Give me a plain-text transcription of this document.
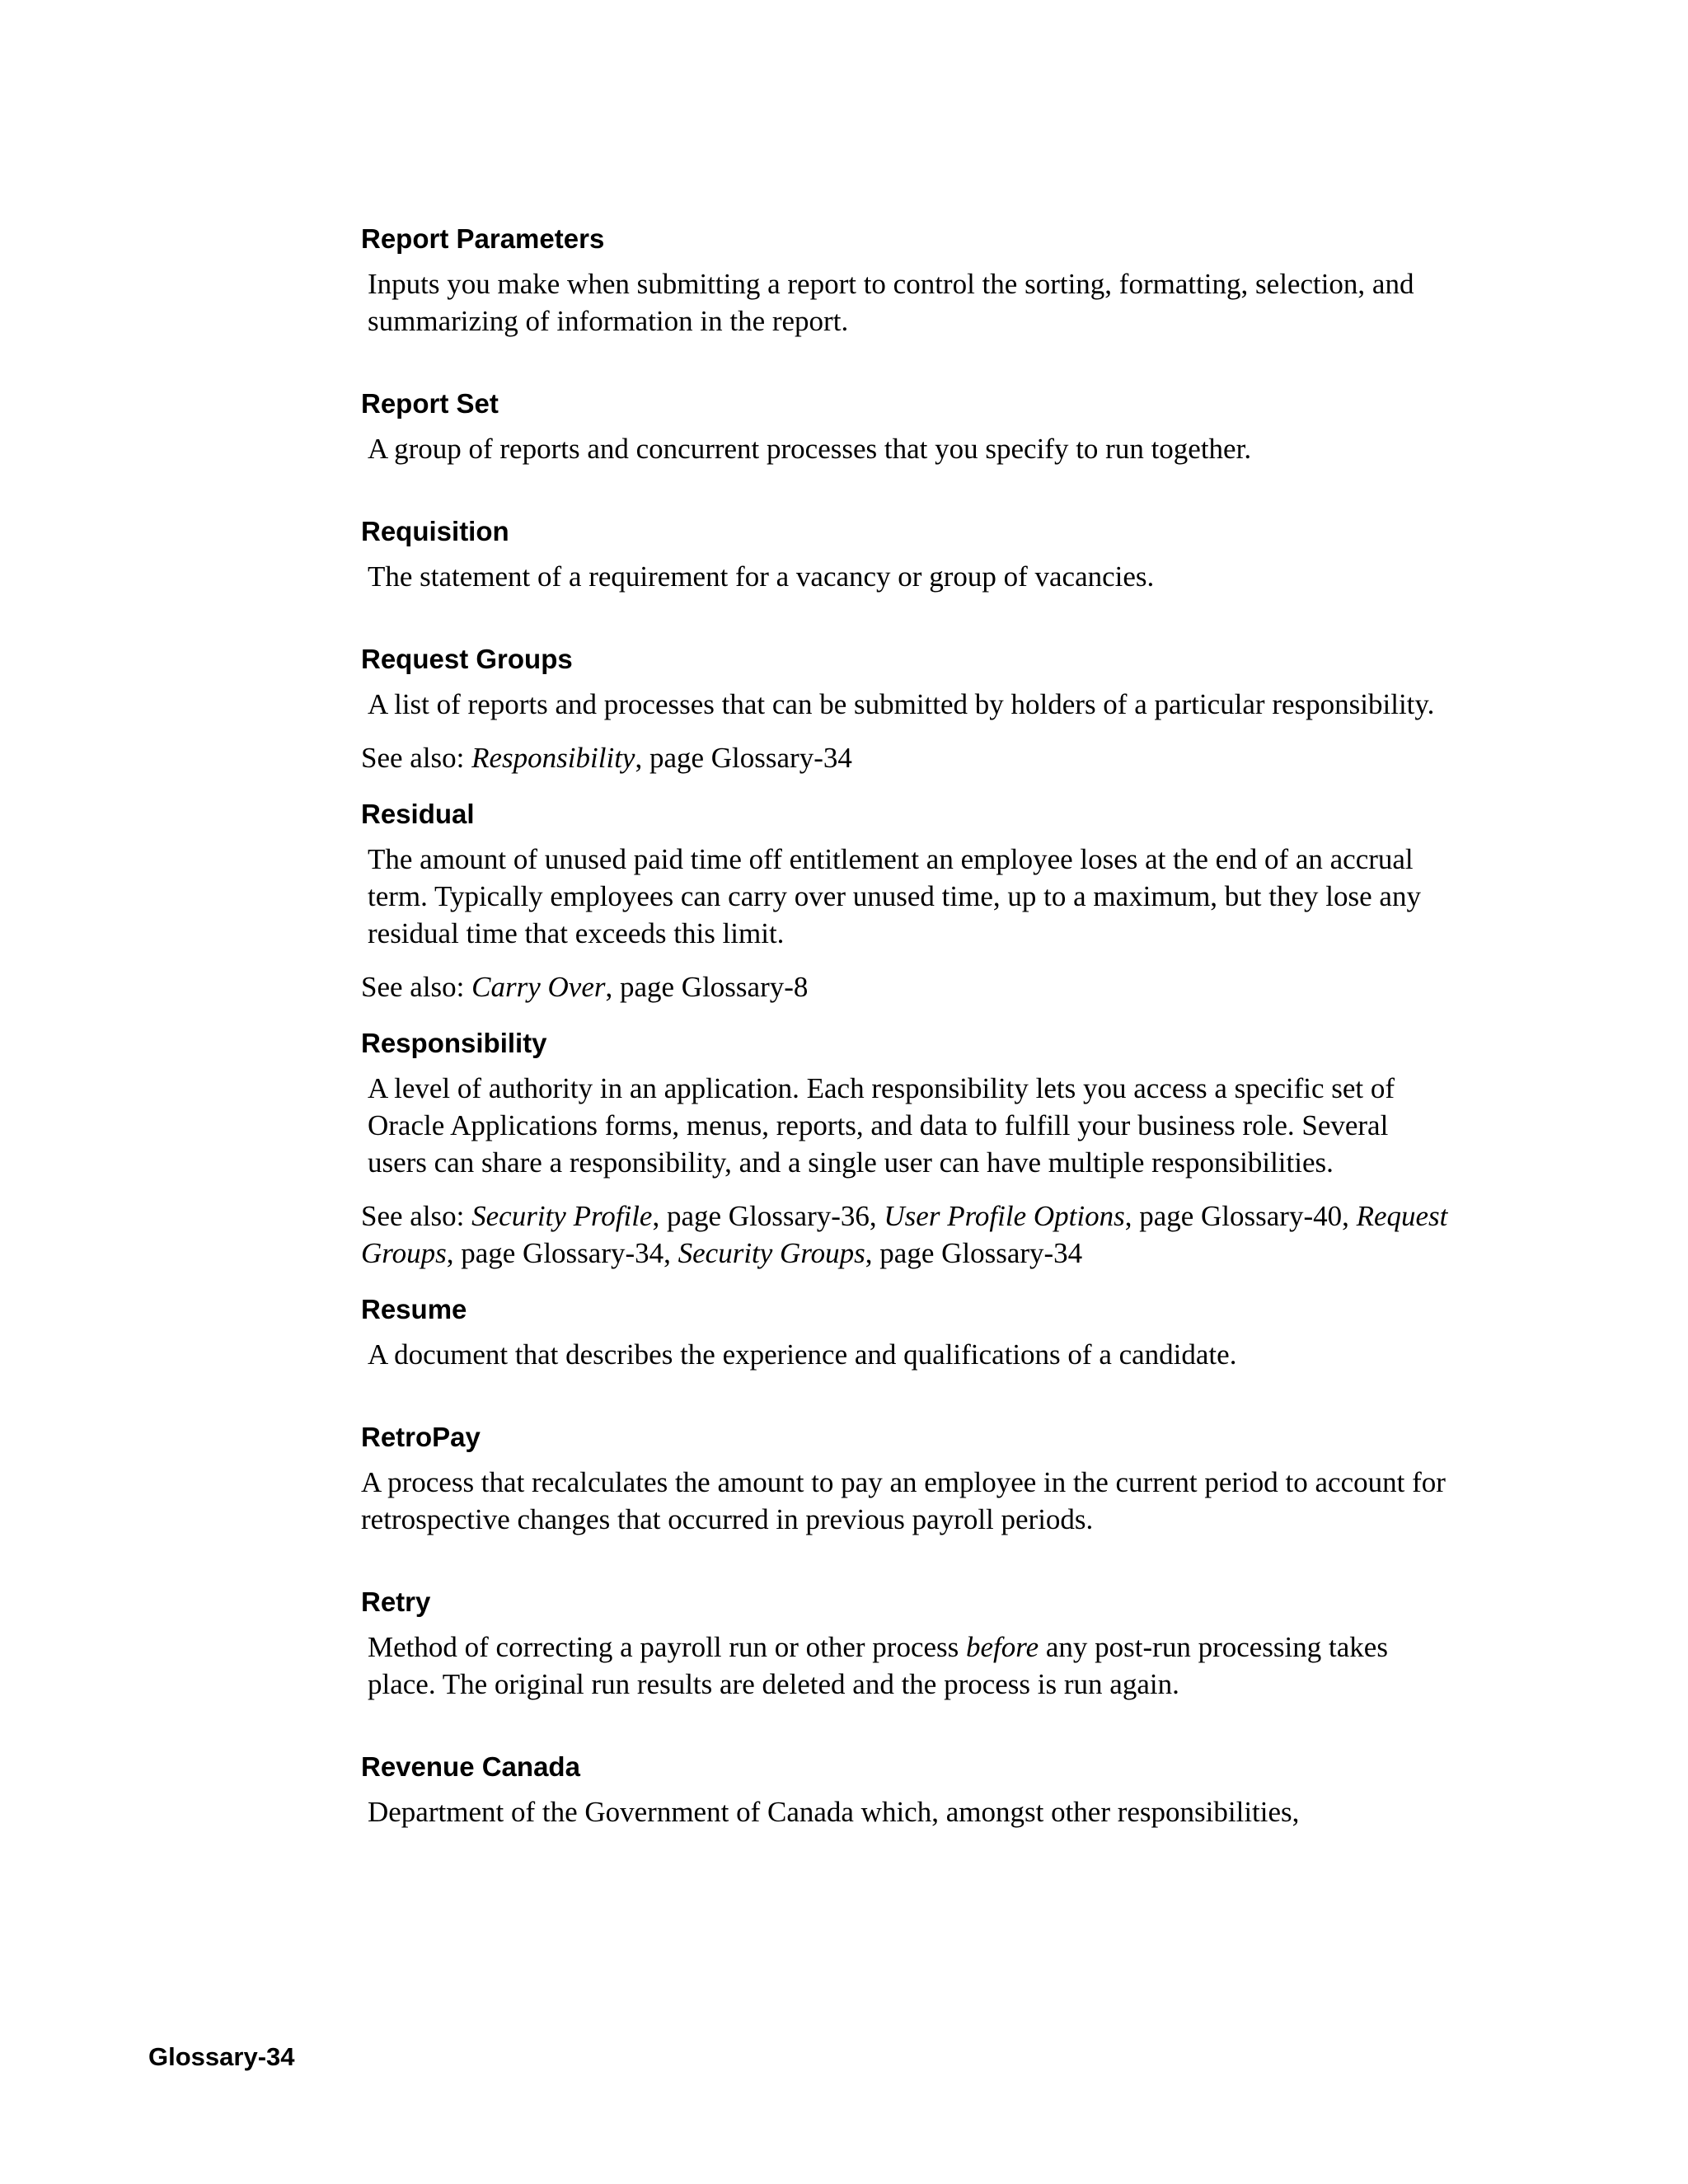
Report Parameters

Inputs you make when submitting a report to control the sorting, formatting, selection, and summarizing of information in the report.

Report Set

A group of reports and concurrent processes that you specify to run together.

Requisition

The statement of a requirement for a vacancy or group of vacancies.

Request Groups

A list of reports and processes that can be submitted by holders of a particular responsibility.

See also: Responsibility, page Glossary-34

Residual

The amount of unused paid time off entitlement an employee loses at the end of an accrual term. Typically employees can carry over unused time, up to a maximum, but they lose any residual time that exceeds this limit.

See also: Carry Over, page Glossary-8

Responsibility

A level of authority in an application. Each responsibility lets you access a specific set of Oracle Applications forms, menus, reports, and data to fulfill your business role. Several users can share a responsibility, and a single user can have multiple responsibilities.

See also: Security Profile, page Glossary-36, User Profile Options, page Glossary-40, Request Groups, page Glossary-34, Security Groups, page Glossary-34

Resume

A document that describes the experience and qualifications of a candidate.

RetroPay

A process that recalculates the amount to pay an employee in the current period to account for retrospective changes that occurred in previous payroll periods.

Retry

Method of correcting a payroll run or other process before any post-run processing takes place. The original run results are deleted and the process is run again.

Revenue Canada

Department of the Government of Canada which, amongst other responsibilities,

Glossary-34
